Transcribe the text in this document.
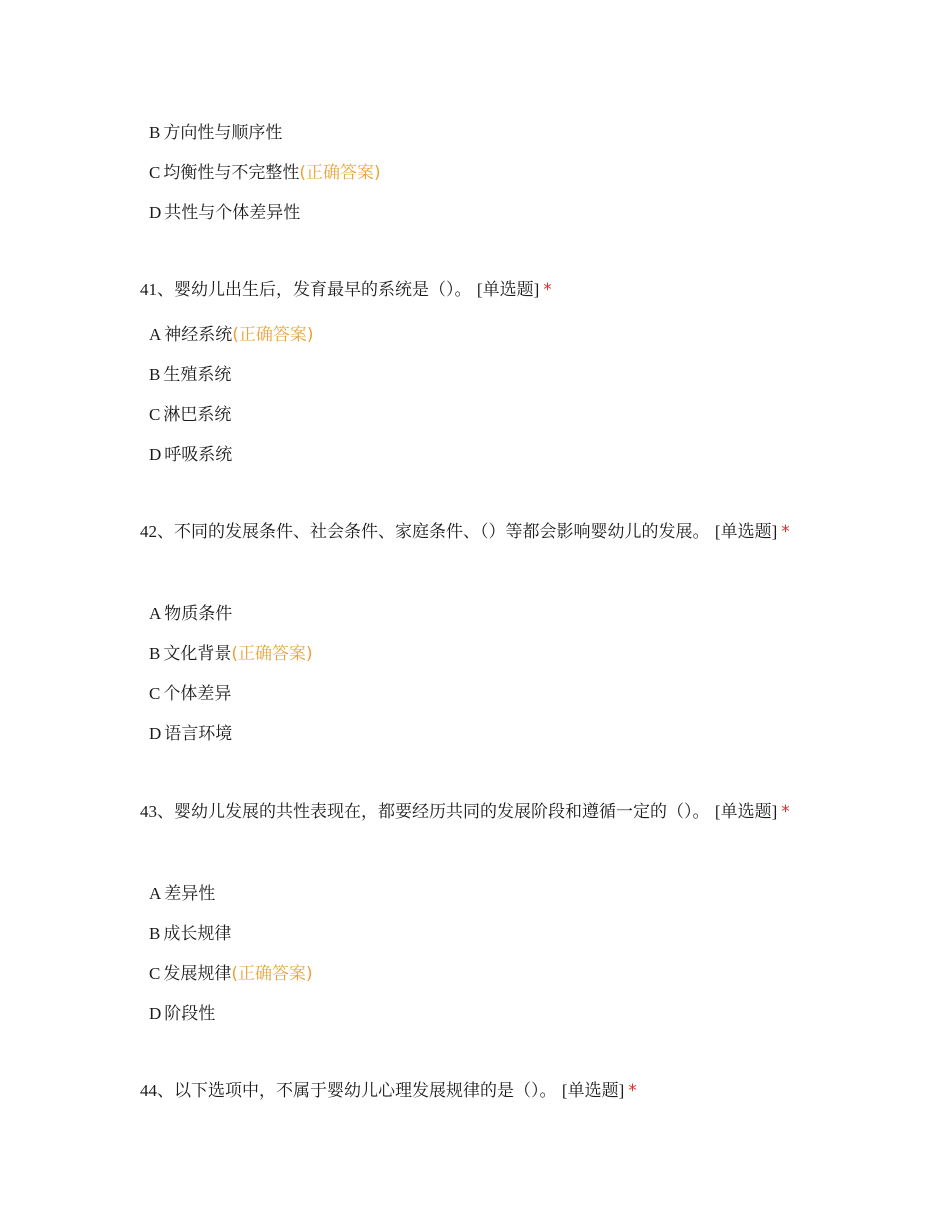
B 方向性与顺序性
C 均衡性与不完整性(正确答案)
D 共性与个体差异性
41、婴幼儿出生后，发育最早的系统是（）。 [单选题] *
A 神经系统(正确答案)
B 生殖系统
C 淋巴系统
D 呼吸系统
42、不同的发展条件、社会条件、家庭条件、（）等都会影响婴幼儿的发展。 [单选题] *
A 物质条件
B 文化背景(正确答案)
C 个体差异
D 语言环境
43、婴幼儿发展的共性表现在，都要经历共同的发展阶段和遵循一定的（）。 [单选题] *
A 差异性
B 成长规律
C 发展规律(正确答案)
D 阶段性
44、以下选项中，不属于婴幼儿心理发展规律的是（）。 [单选题] *
